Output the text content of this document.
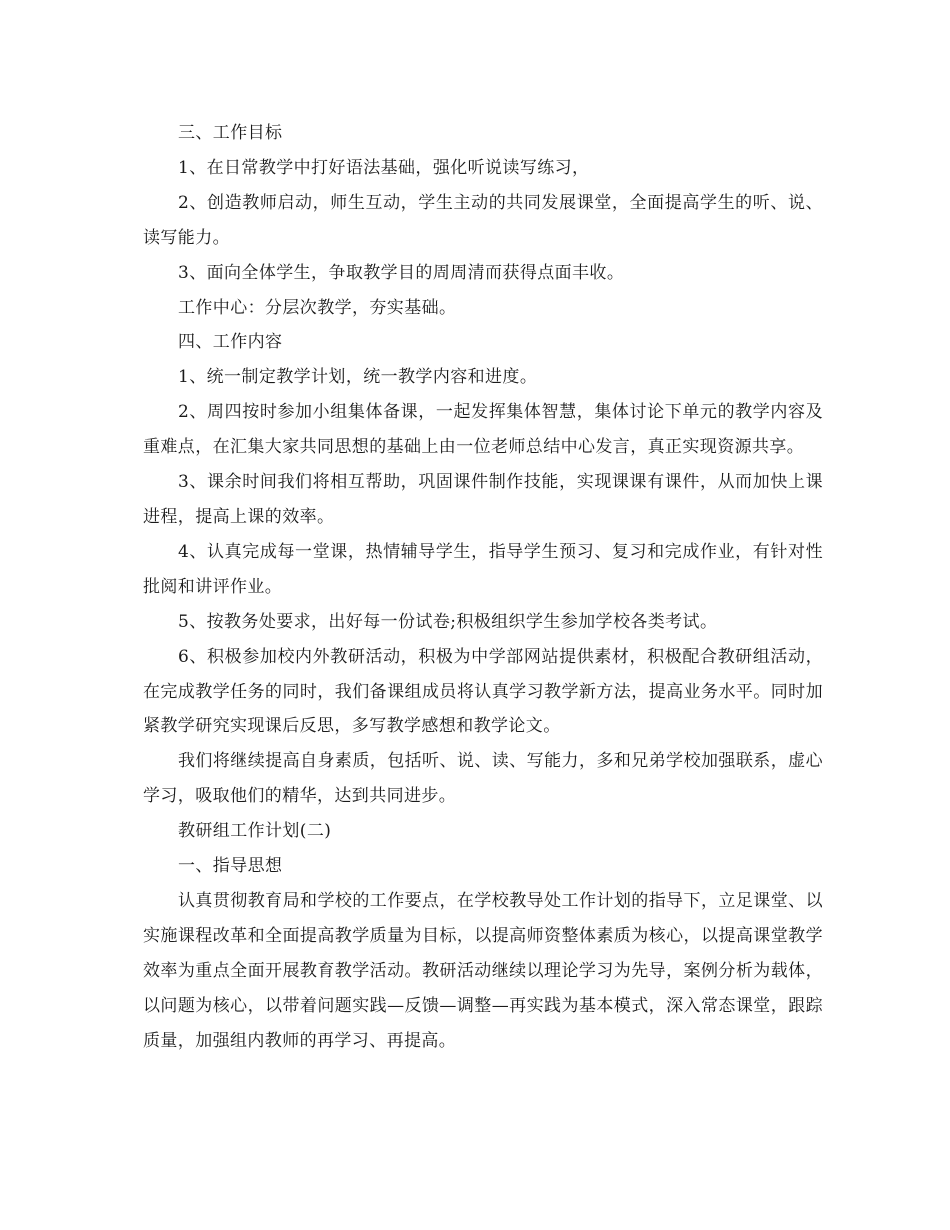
三、工作目标

1、在日常教学中打好语法基础，强化听说读写练习，

2、创造教师启动，师生互动，学生主动的共同发展课堂，全面提高学生的听、说、读写能力。

3、面向全体学生，争取教学目的周周清而获得点面丰收。

工作中心：分层次教学，夯实基础。

四、工作内容

1、统一制定教学计划，统一教学内容和进度。

2、周四按时参加小组集体备课，一起发挥集体智慧，集体讨论下单元的教学内容及重难点，在汇集大家共同思想的基础上由一位老师总结中心发言，真正实现资源共享。

3、课余时间我们将相互帮助，巩固课件制作技能，实现课课有课件，从而加快上课进程，提高上课的效率。

4、认真完成每一堂课，热情辅导学生，指导学生预习、复习和完成作业，有针对性批阅和讲评作业。

5、按教务处要求，出好每一份试卷;积极组织学生参加学校各类考试。

6、积极参加校内外教研活动，积极为中学部网站提供素材，积极配合教研组活动，在完成教学任务的同时，我们备课组成员将认真学习教学新方法，提高业务水平。同时加紧教学研究实现课后反思，多写教学感想和教学论文。

我们将继续提高自身素质，包括听、说、读、写能力，多和兄弟学校加强联系，虚心学习，吸取他们的精华，达到共同进步。

教研组工作计划(二)

一、指导思想

认真贯彻教育局和学校的工作要点，在学校教导处工作计划的指导下，立足课堂、以实施课程改革和全面提高教学质量为目标，以提高师资整体素质为核心，以提高课堂教学效率为重点全面开展教育教学活动。教研活动继续以理论学习为先导，案例分析为载体，以问题为核心，以带着问题实践—反馈—调整—再实践为基本模式，深入常态课堂，跟踪质量，加强组内教师的再学习、再提高。
